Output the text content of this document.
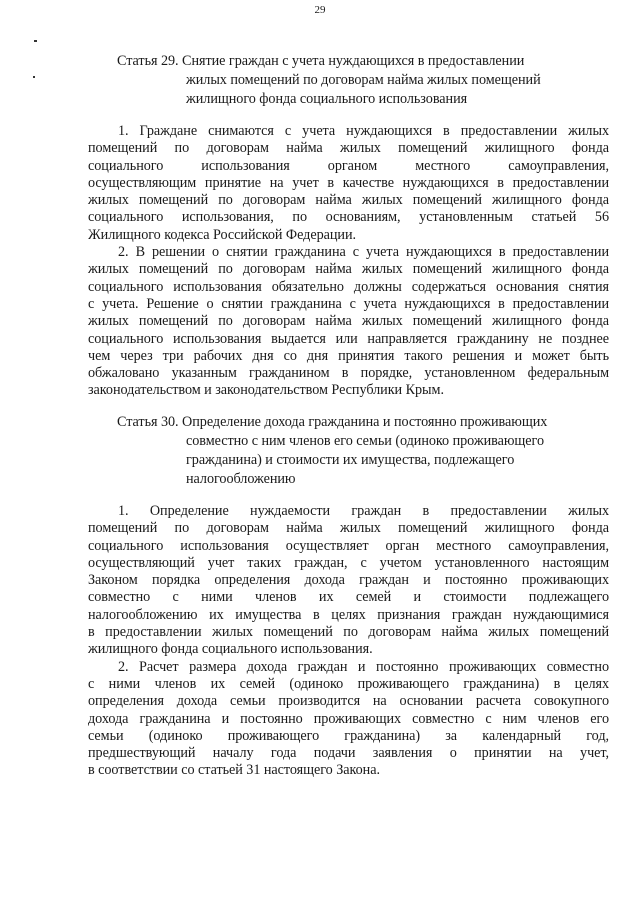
29
Статья 29. Снятие граждан с учета нуждающихся в предоставлении
жилых помещений по договорам найма жилых помещений
жилищного фонда социального использования
1. Граждане снимаются с учета нуждающихся в предоставлении жилых
помещений по договорам найма жилых помещений жилищного фонда
социального использования органом местного самоуправления,
осуществляющим принятие на учет в качестве нуждающихся в предоставлении
жилых помещений по договорам найма жилых помещений жилищного фонда
социального использования, по основаниям, установленным статьей 56
Жилищного кодекса Российской Федерации.
2. В решении о снятии гражданина с учета нуждающихся в предоставлении
жилых помещений по договорам найма жилых помещений жилищного фонда
социального использования обязательно должны содержаться основания снятия
с учета. Решение о снятии гражданина с учета нуждающихся в предоставлении
жилых помещений по договорам найма жилых помещений жилищного фонда
социального использования выдается или направляется гражданину не позднее
чем через три рабочих дня со дня принятия такого решения и может быть
обжаловано указанным гражданином в порядке, установленном федеральным
законодательством и законодательством Республики Крым.
Статья 30. Определение дохода гражданина и постоянно проживающих
совместно с ним членов его семьи (одиноко проживающего
гражданина) и стоимости их имущества, подлежащего
налогообложению
1. Определение нуждаемости граждан в предоставлении жилых
помещений по договорам найма жилых помещений жилищного фонда
социального использования осуществляет орган местного самоуправления,
осуществляющий учет таких граждан, с учетом установленного настоящим
Законом порядка определения дохода граждан и постоянно проживающих
совместно с ними членов их семей и стоимости подлежащего
налогообложению их имущества в целях признания граждан нуждающимися
в предоставлении жилых помещений по договорам найма жилых помещений
жилищного фонда социального использования.
2. Расчет размера дохода граждан и постоянно проживающих совместно
с ними членов их семей (одиноко проживающего гражданина) в целях
определения дохода семьи производится на основании расчета совокупного
дохода гражданина и постоянно проживающих совместно с ним членов его
семьи (одиноко проживающего гражданина) за календарный год,
предшествующий началу года подачи заявления о принятии на учет,
в соответствии со статьей 31 настоящего Закона.
